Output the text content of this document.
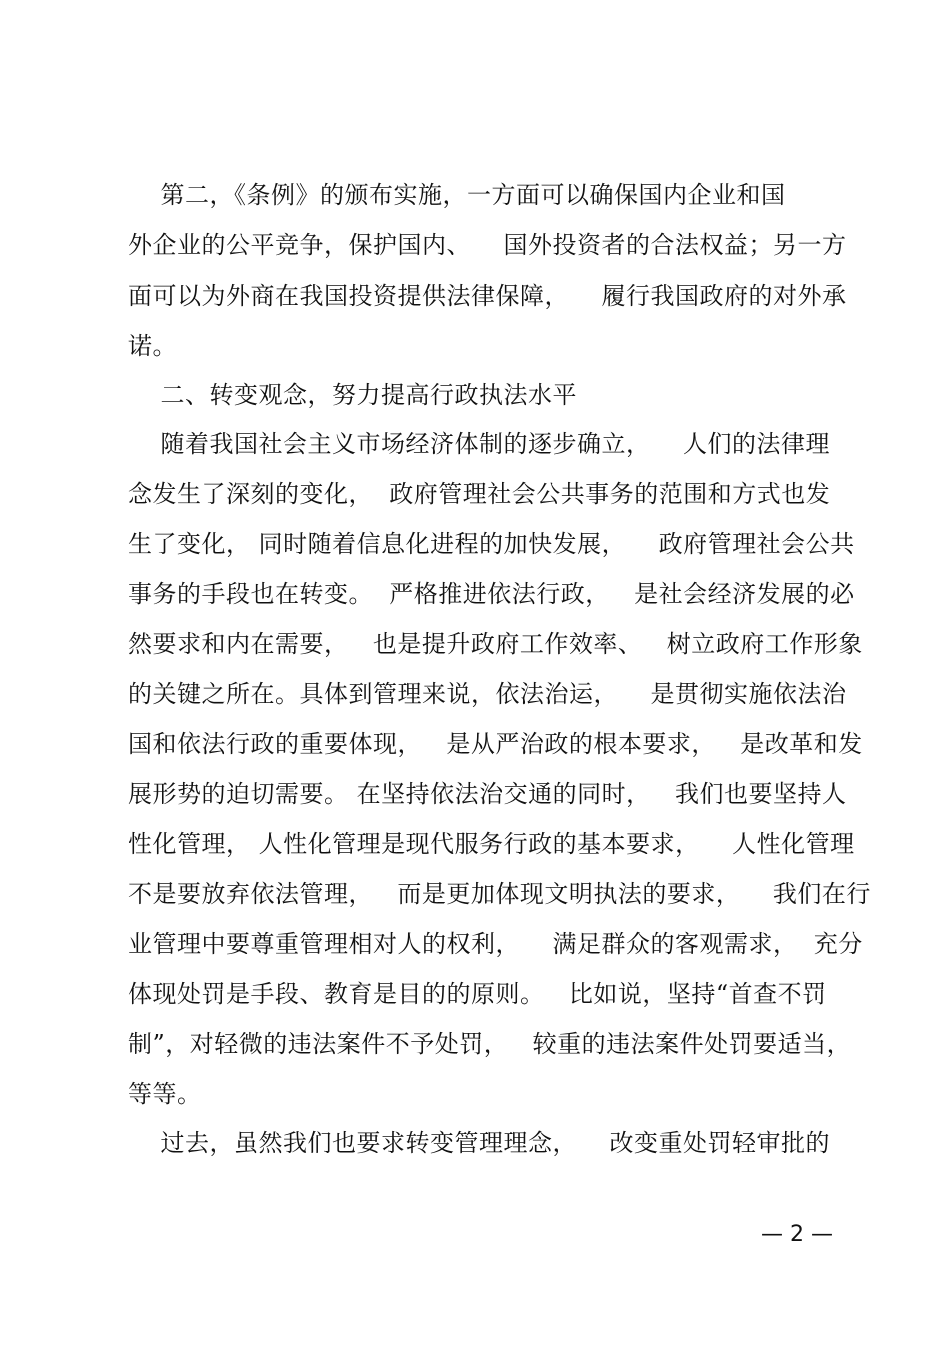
第二，《条例》的颁布实施，一方面可以确保国内企业和国
外企业的公平竞争，保护国内、    国外投资者的合法权益；另一方
面可以为外商在我国投资提供法律保障，    履行我国政府的对外承
诺。
二、转变观念，努力提高行政执法水平
随着我国社会主义市场经济体制的逐步确立，    人们的法律理
念发生了深刻的变化，  政府管理社会公共事务的范围和方式也发
生了变化， 同时随着信息化进程的加快发展，    政府管理社会公共
事务的手段也在转变。  严格推进依法行政，   是社会经济发展的必
然要求和内在需要，   也是提升政府工作效率、   树立政府工作形象
的关键之所在。具体到管理来说，依法治运，    是贯彻实施依法治
国和依法行政的重要体现，   是从严治政的根本要求，   是改革和发
展形势的迫切需要。 在坚持依法治交通的同时，   我们也要坚持人
性化管理， 人性化管理是现代服务行政的基本要求，    人性化管理
不是要放弃依法管理，   而是更加体现文明执法的要求，    我们在行
业管理中要尊重管理相对人的权利，    满足群众的客观需求，  充分
体现处罚是手段、教育是目的的原则。   比如说，坚持“首查不罚
制”，对轻微的违法案件不予处罚，   较重的违法案件处罚要适当，
等等。
过去，虽然我们也要求转变管理理念，    改变重处罚轻审批的
— 2 —
